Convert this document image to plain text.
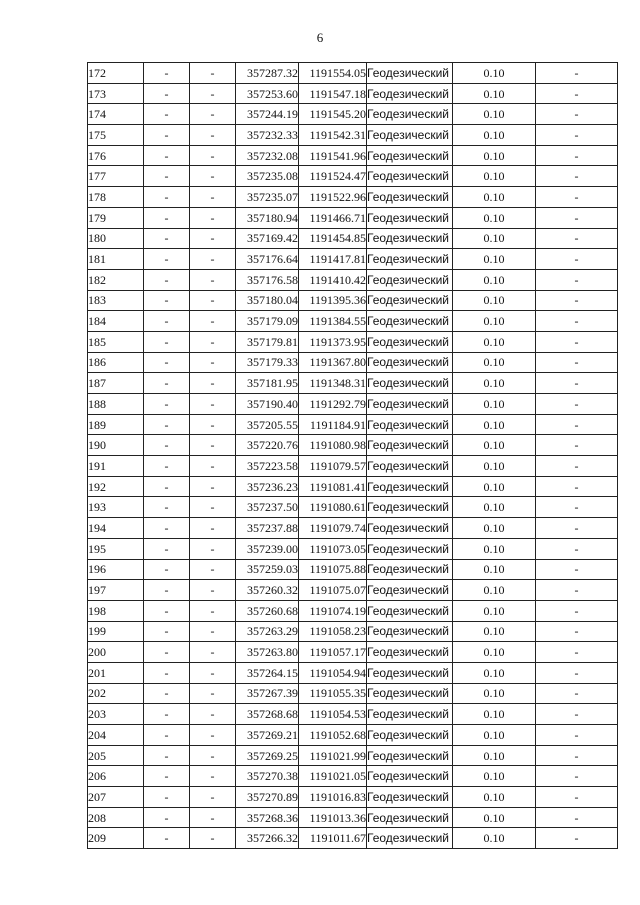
6
172	-	-	357287.32	1191554.05	Геодезический	0.10	-
173	-	-	357253.60	1191547.18	Геодезический	0.10	-
174	-	-	357244.19	1191545.20	Геодезический	0.10	-
175	-	-	357232.33	1191542.31	Геодезический	0.10	-
176	-	-	357232.08	1191541.96	Геодезический	0.10	-
177	-	-	357235.08	1191524.47	Геодезический	0.10	-
178	-	-	357235.07	1191522.96	Геодезический	0.10	-
179	-	-	357180.94	1191466.71	Геодезический	0.10	-
180	-	-	357169.42	1191454.85	Геодезический	0.10	-
181	-	-	357176.64	1191417.81	Геодезический	0.10	-
182	-	-	357176.58	1191410.42	Геодезический	0.10	-
183	-	-	357180.04	1191395.36	Геодезический	0.10	-
184	-	-	357179.09	1191384.55	Геодезический	0.10	-
185	-	-	357179.81	1191373.95	Геодезический	0.10	-
186	-	-	357179.33	1191367.80	Геодезический	0.10	-
187	-	-	357181.95	1191348.31	Геодезический	0.10	-
188	-	-	357190.40	1191292.79	Геодезический	0.10	-
189	-	-	357205.55	1191184.91	Геодезический	0.10	-
190	-	-	357220.76	1191080.98	Геодезический	0.10	-
191	-	-	357223.58	1191079.57	Геодезический	0.10	-
192	-	-	357236.23	1191081.41	Геодезический	0.10	-
193	-	-	357237.50	1191080.61	Геодезический	0.10	-
194	-	-	357237.88	1191079.74	Геодезический	0.10	-
195	-	-	357239.00	1191073.05	Геодезический	0.10	-
196	-	-	357259.03	1191075.88	Геодезический	0.10	-
197	-	-	357260.32	1191075.07	Геодезический	0.10	-
198	-	-	357260.68	1191074.19	Геодезический	0.10	-
199	-	-	357263.29	1191058.23	Геодезический	0.10	-
200	-	-	357263.80	1191057.17	Геодезический	0.10	-
201	-	-	357264.15	1191054.94	Геодезический	0.10	-
202	-	-	357267.39	1191055.35	Геодезический	0.10	-
203	-	-	357268.68	1191054.53	Геодезический	0.10	-
204	-	-	357269.21	1191052.68	Геодезический	0.10	-
205	-	-	357269.25	1191021.99	Геодезический	0.10	-
206	-	-	357270.38	1191021.05	Геодезический	0.10	-
207	-	-	357270.89	1191016.83	Геодезический	0.10	-
208	-	-	357268.36	1191013.36	Геодезический	0.10	-
209	-	-	357266.32	1191011.67	Геодезический	0.10	-
